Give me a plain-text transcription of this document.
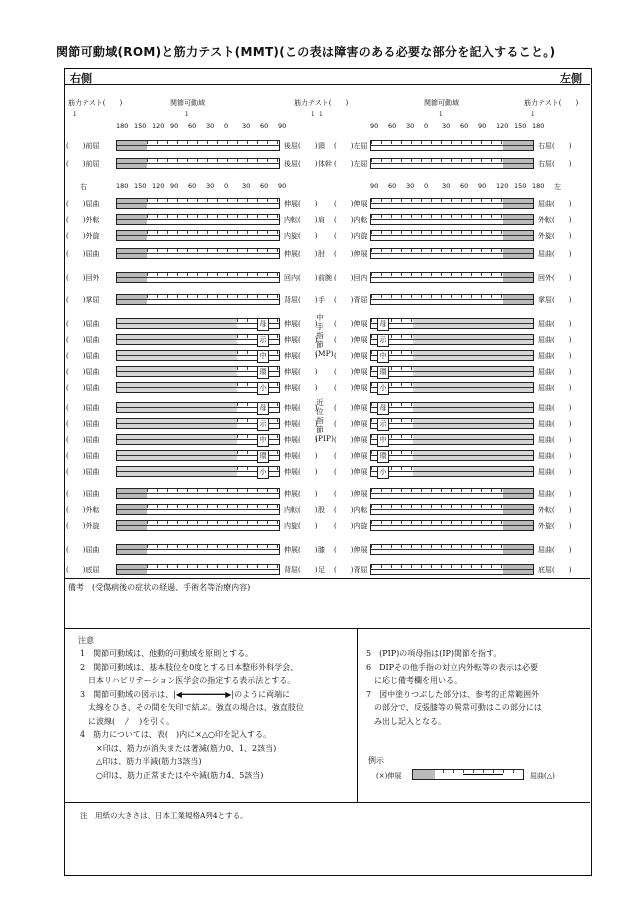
関節可動域(ROM)と筋力テスト(MMT)(この表は障害のある必要な部分を記入すること。)
右側	左側
筋力テスト(　　)	関節可動域	筋力テスト(　　)	関節可動域	筋力テスト(　　)
↓	↓	↓ ↓	↓	↓
180 150 120 90 60 30 0 30 60 90	90 60 30 0 30 60 90 120 150 180
180 150 120 90 60 30 0 30 60 90	90 60 30 0 30 60 90 120 150 180
右	左
(　　)前屈	後屈(　　) 頸 (　　)左屈	右屈(　　)
(　　)前屈	後屈(　　) 体幹 (　　)左屈	右屈(　　)
(　　)屈曲	伸展(　　) (　　)伸展	屈曲(　　)
(　　)外転	内転(　　) 肩 (　　)内転	外転(　　)
(　　)外旋	内旋(　　) (　　)内旋	外旋(　　)
(　　)屈曲	伸展(　　) 肘 (　　)伸展	屈曲(　　)
(　　)回外	回内(　　) 前腕 (　　)回内	回外(　　)
(　　)掌屈	背屈(　　) 手 (　　)背屈	掌屈(　　)
(　　)屈曲	母	伸展(　　) (　　)伸展	母	屈曲(　　)
(　　)屈曲	示	伸展(　　) (　　)伸展	示	屈曲(　　)
(　　)屈曲	中	伸展(　　) (　　)伸展	中	屈曲(　　)
(　　)屈曲	環	伸展(　　) (　　)伸展	環	屈曲(　　)
(　　)屈曲	小	伸展(　　) (　　)伸展	小	屈曲(　　)
(　　)屈曲	母	伸展(　　) (　　)伸展	母	屈曲(　　)
(　　)屈曲	示	伸展(　　) (　　)伸展	示	屈曲(　　)
(　　)屈曲	中	伸展(　　) (　　)伸展	中	屈曲(　　)
(　　)屈曲	環	伸展(　　) (　　)伸展	環	屈曲(　　)
(　　)屈曲	小	伸展(　　) (　　)伸展	小	屈曲(　　)
(　　)屈曲	伸展(　　) (　　)伸展	屈曲(　　)
(　　)外転	内転(　　) 股 (　　)内転	外転(　　)
(　　)外旋	内旋(　　) (　　)内旋	外旋(　　)
(　　)屈曲	伸展(　　) 膝 (　　)伸展	屈曲(　　)
(　　)底屈	背屈(　　) 足 (　　)背屈	底屈(　　)
中手指節(MP)
近位指節(PIP)
備考 (受傷病後の症状の経過、手術名等治療内容)
注意
1　関節可動域は、他動的可動域を原則とする。
2　関節可動域は、基本肢位を0度とする日本整形外科学会、
　日本リハビリテーション医学会の指定する表示法とする。
3　関節可動域の図示は、|◀━━━━━━━━━▶|のように両端に
　太線をひき、その間を矢印で結ぶ。強直の場合は、強直肢位
　に波線(　〳　)を引く。
4　筋力については、表(　)内に×△○印を記入する。
　　×印は、筋力が消失または著減(筋力0、1、2該当)
　　△印は、筋力半減(筋力3該当)
　　○印は、筋力正常またはやや減(筋力4、5該当)
5　(PIP)の項母指は(IP)関節を指す。
6　DIPその他手指の対立内外転等の表示は必要
　に応じ備考欄を用いる。
7　図中塗りつぶした部分は、参考的正常範囲外
　の部分で、反張膝等の異常可動はこの部分には
　み出し記入となる。
例示
(×)伸展	屈曲(△)
注　用紙の大きさは、日本工業規格A列4とする。
